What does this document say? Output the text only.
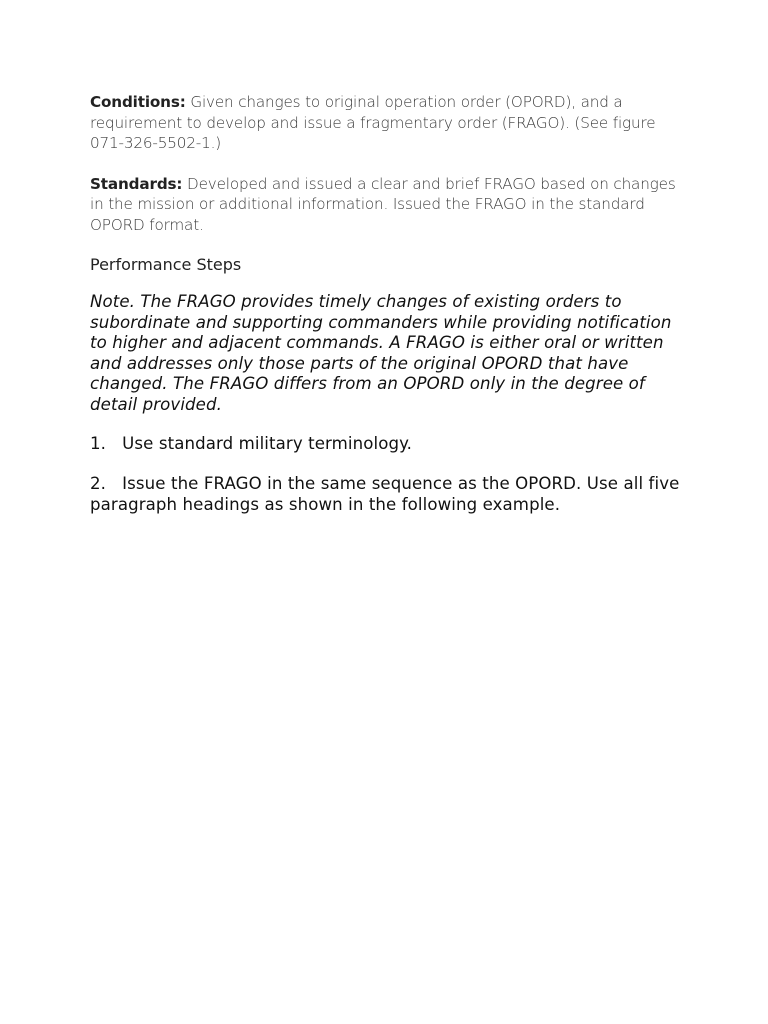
Conditions: Given changes to original operation order (OPORD), and a requirement to develop and issue a fragmentary order (FRAGO). (See figure 071-326-5502-1.)

Standards: Developed and issued a clear and brief FRAGO based on changes in the mission or additional information. Issued the FRAGO in the standard OPORD format.

Performance Steps

Note. The FRAGO provides timely changes of existing orders to subordinate and supporting commanders while providing notification to higher and adjacent commands. A FRAGO is either oral or written and addresses only those parts of the original OPORD that have changed. The FRAGO differs from an OPORD only in the degree of detail provided.

1. Use standard military terminology.

2. Issue the FRAGO in the same sequence as the OPORD. Use all five paragraph headings as shown in the following example.
